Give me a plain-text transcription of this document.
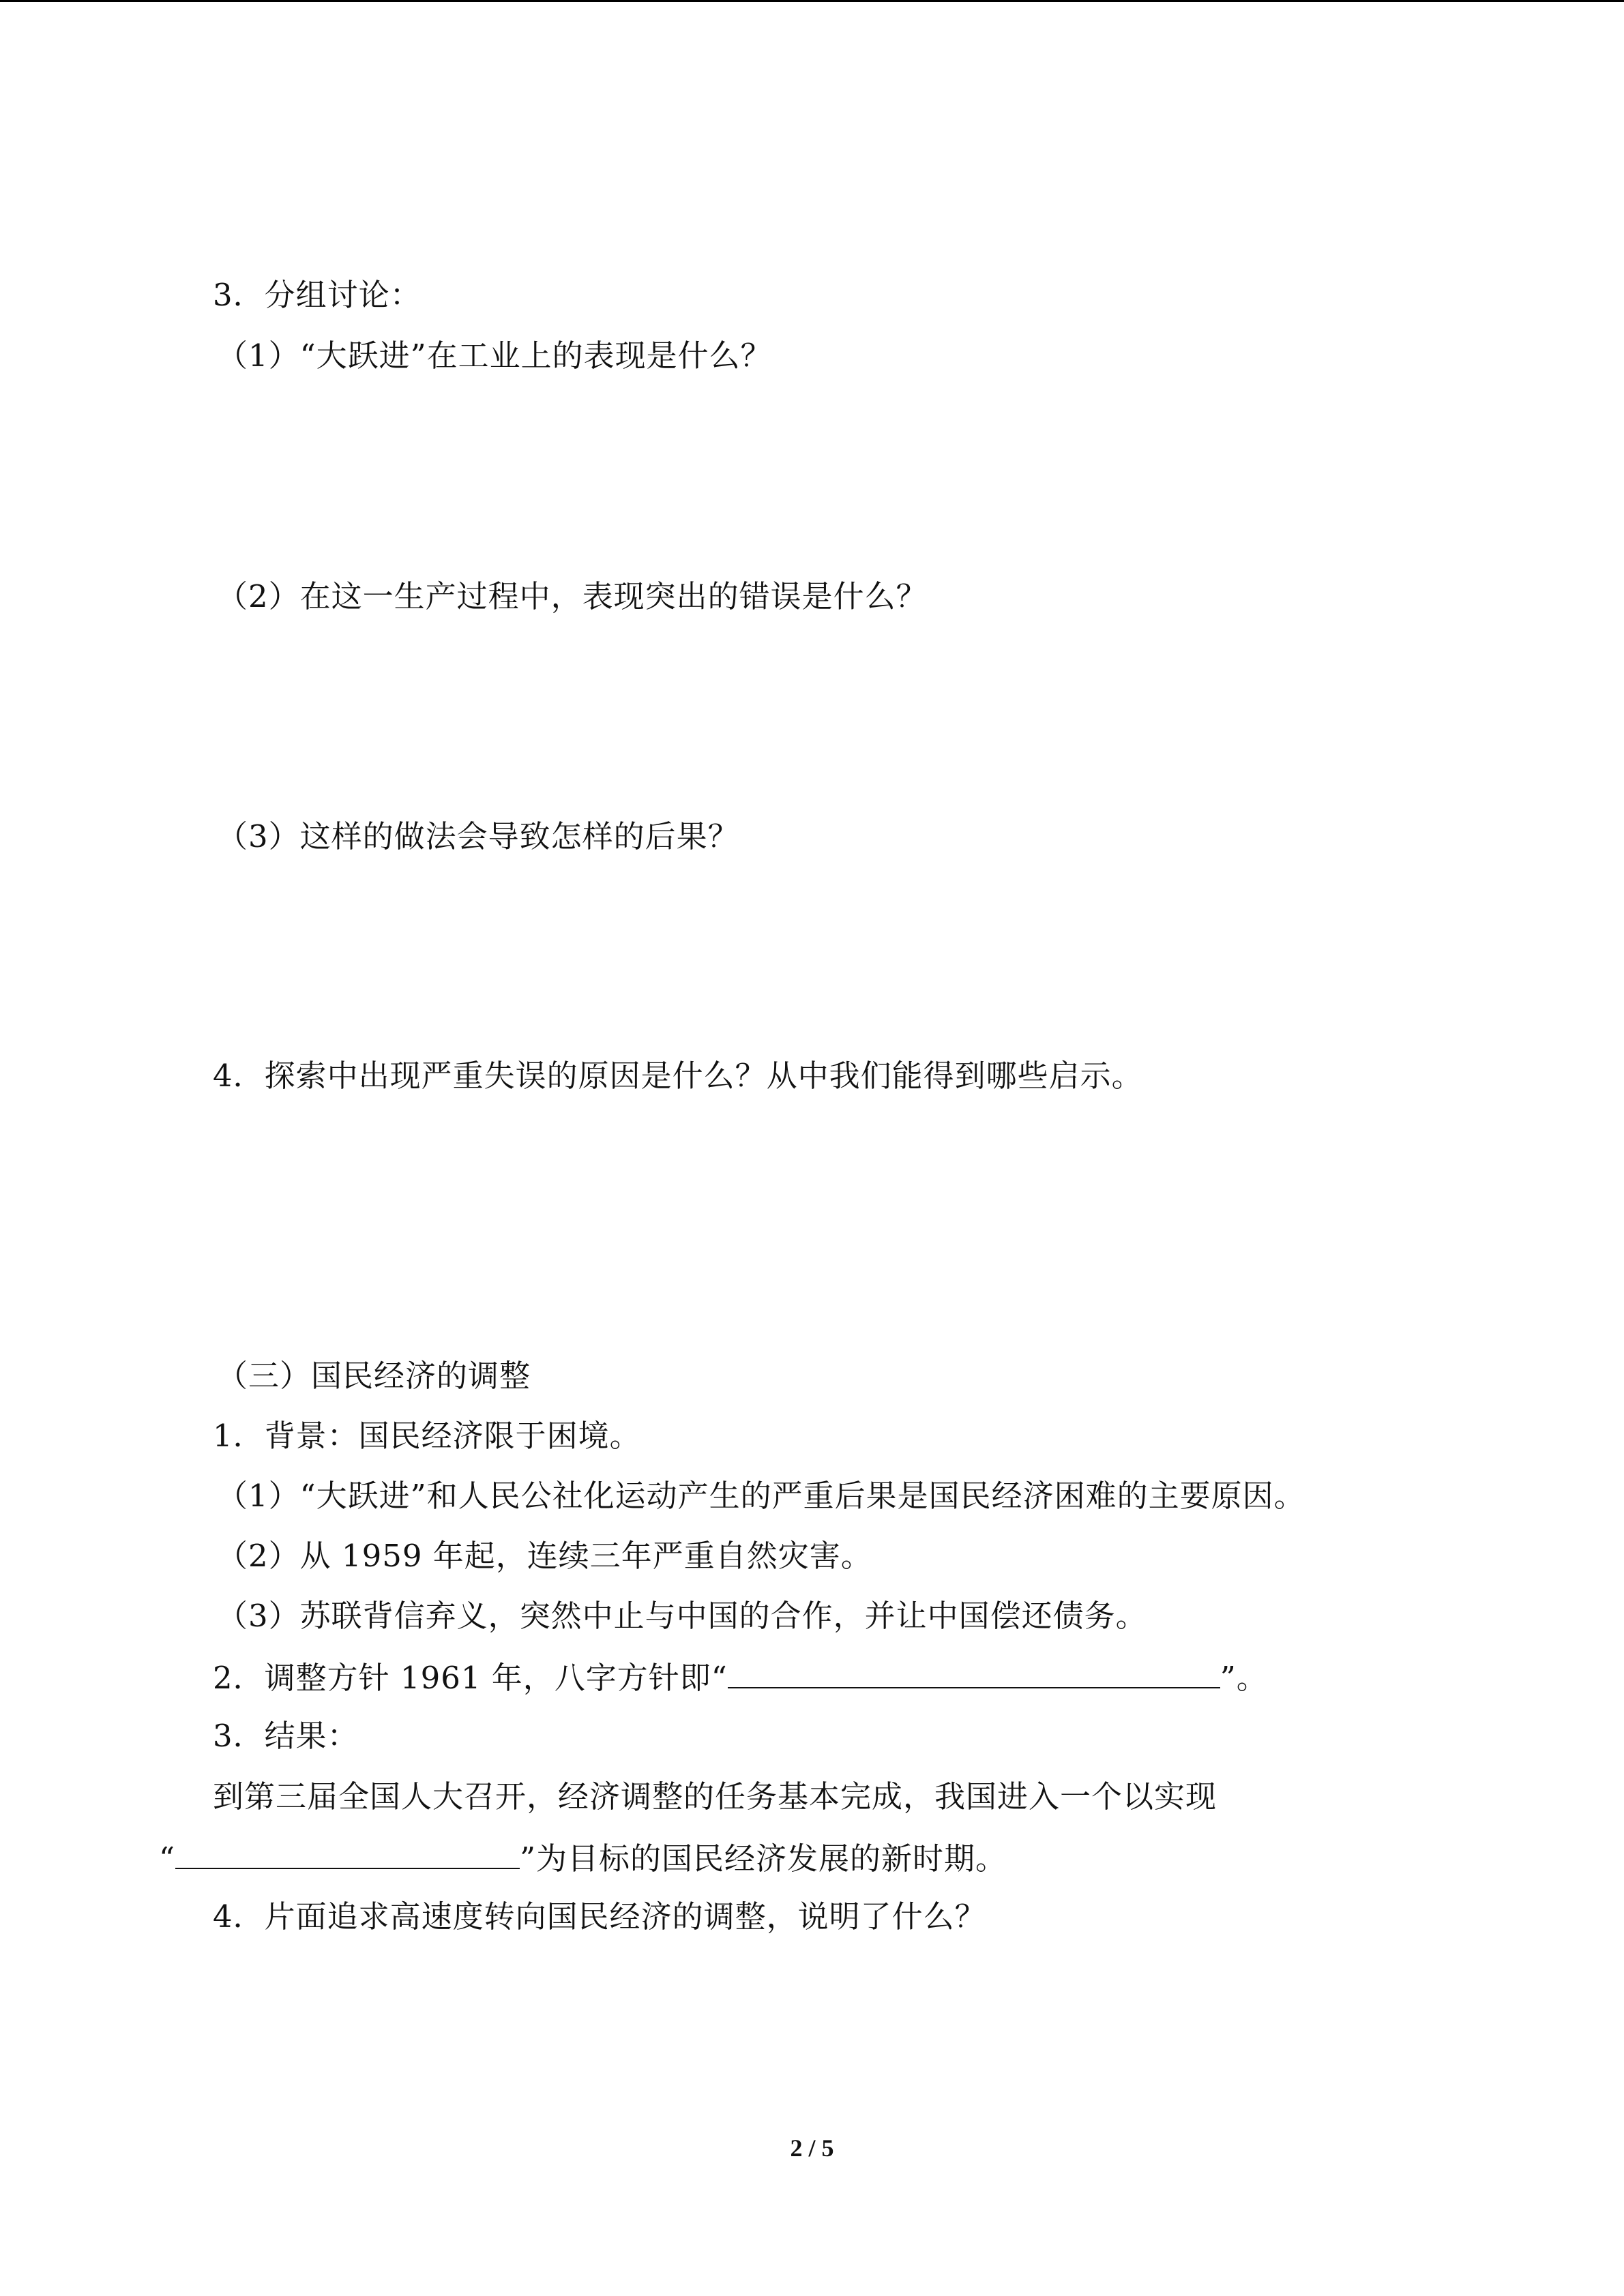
3．分组讨论：
（1）“大跃进”在工业上的表现是什么？
（2）在这一生产过程中，表现突出的错误是什么？
（3）这样的做法会导致怎样的后果？
4．探索中出现严重失误的原因是什么？从中我们能得到哪些启示。
（三）国民经济的调整
1．背景：国民经济限于困境。
（1）“大跃进”和人民公社化运动产生的严重后果是国民经济困难的主要原因。
（2）从 1959 年起，连续三年严重自然灾害。
（3）苏联背信弃义，突然中止与中国的合作，并让中国偿还债务。
2．调整方针 1961 年，八字方针即“	”。
3．结果：
到第三届全国人大召开，经济调整的任务基本完成，我国进入一个以实现
“	”为目标的国民经济发展的新时期。
4．片面追求高速度转向国民经济的调整，说明了什么？
2 / 5
